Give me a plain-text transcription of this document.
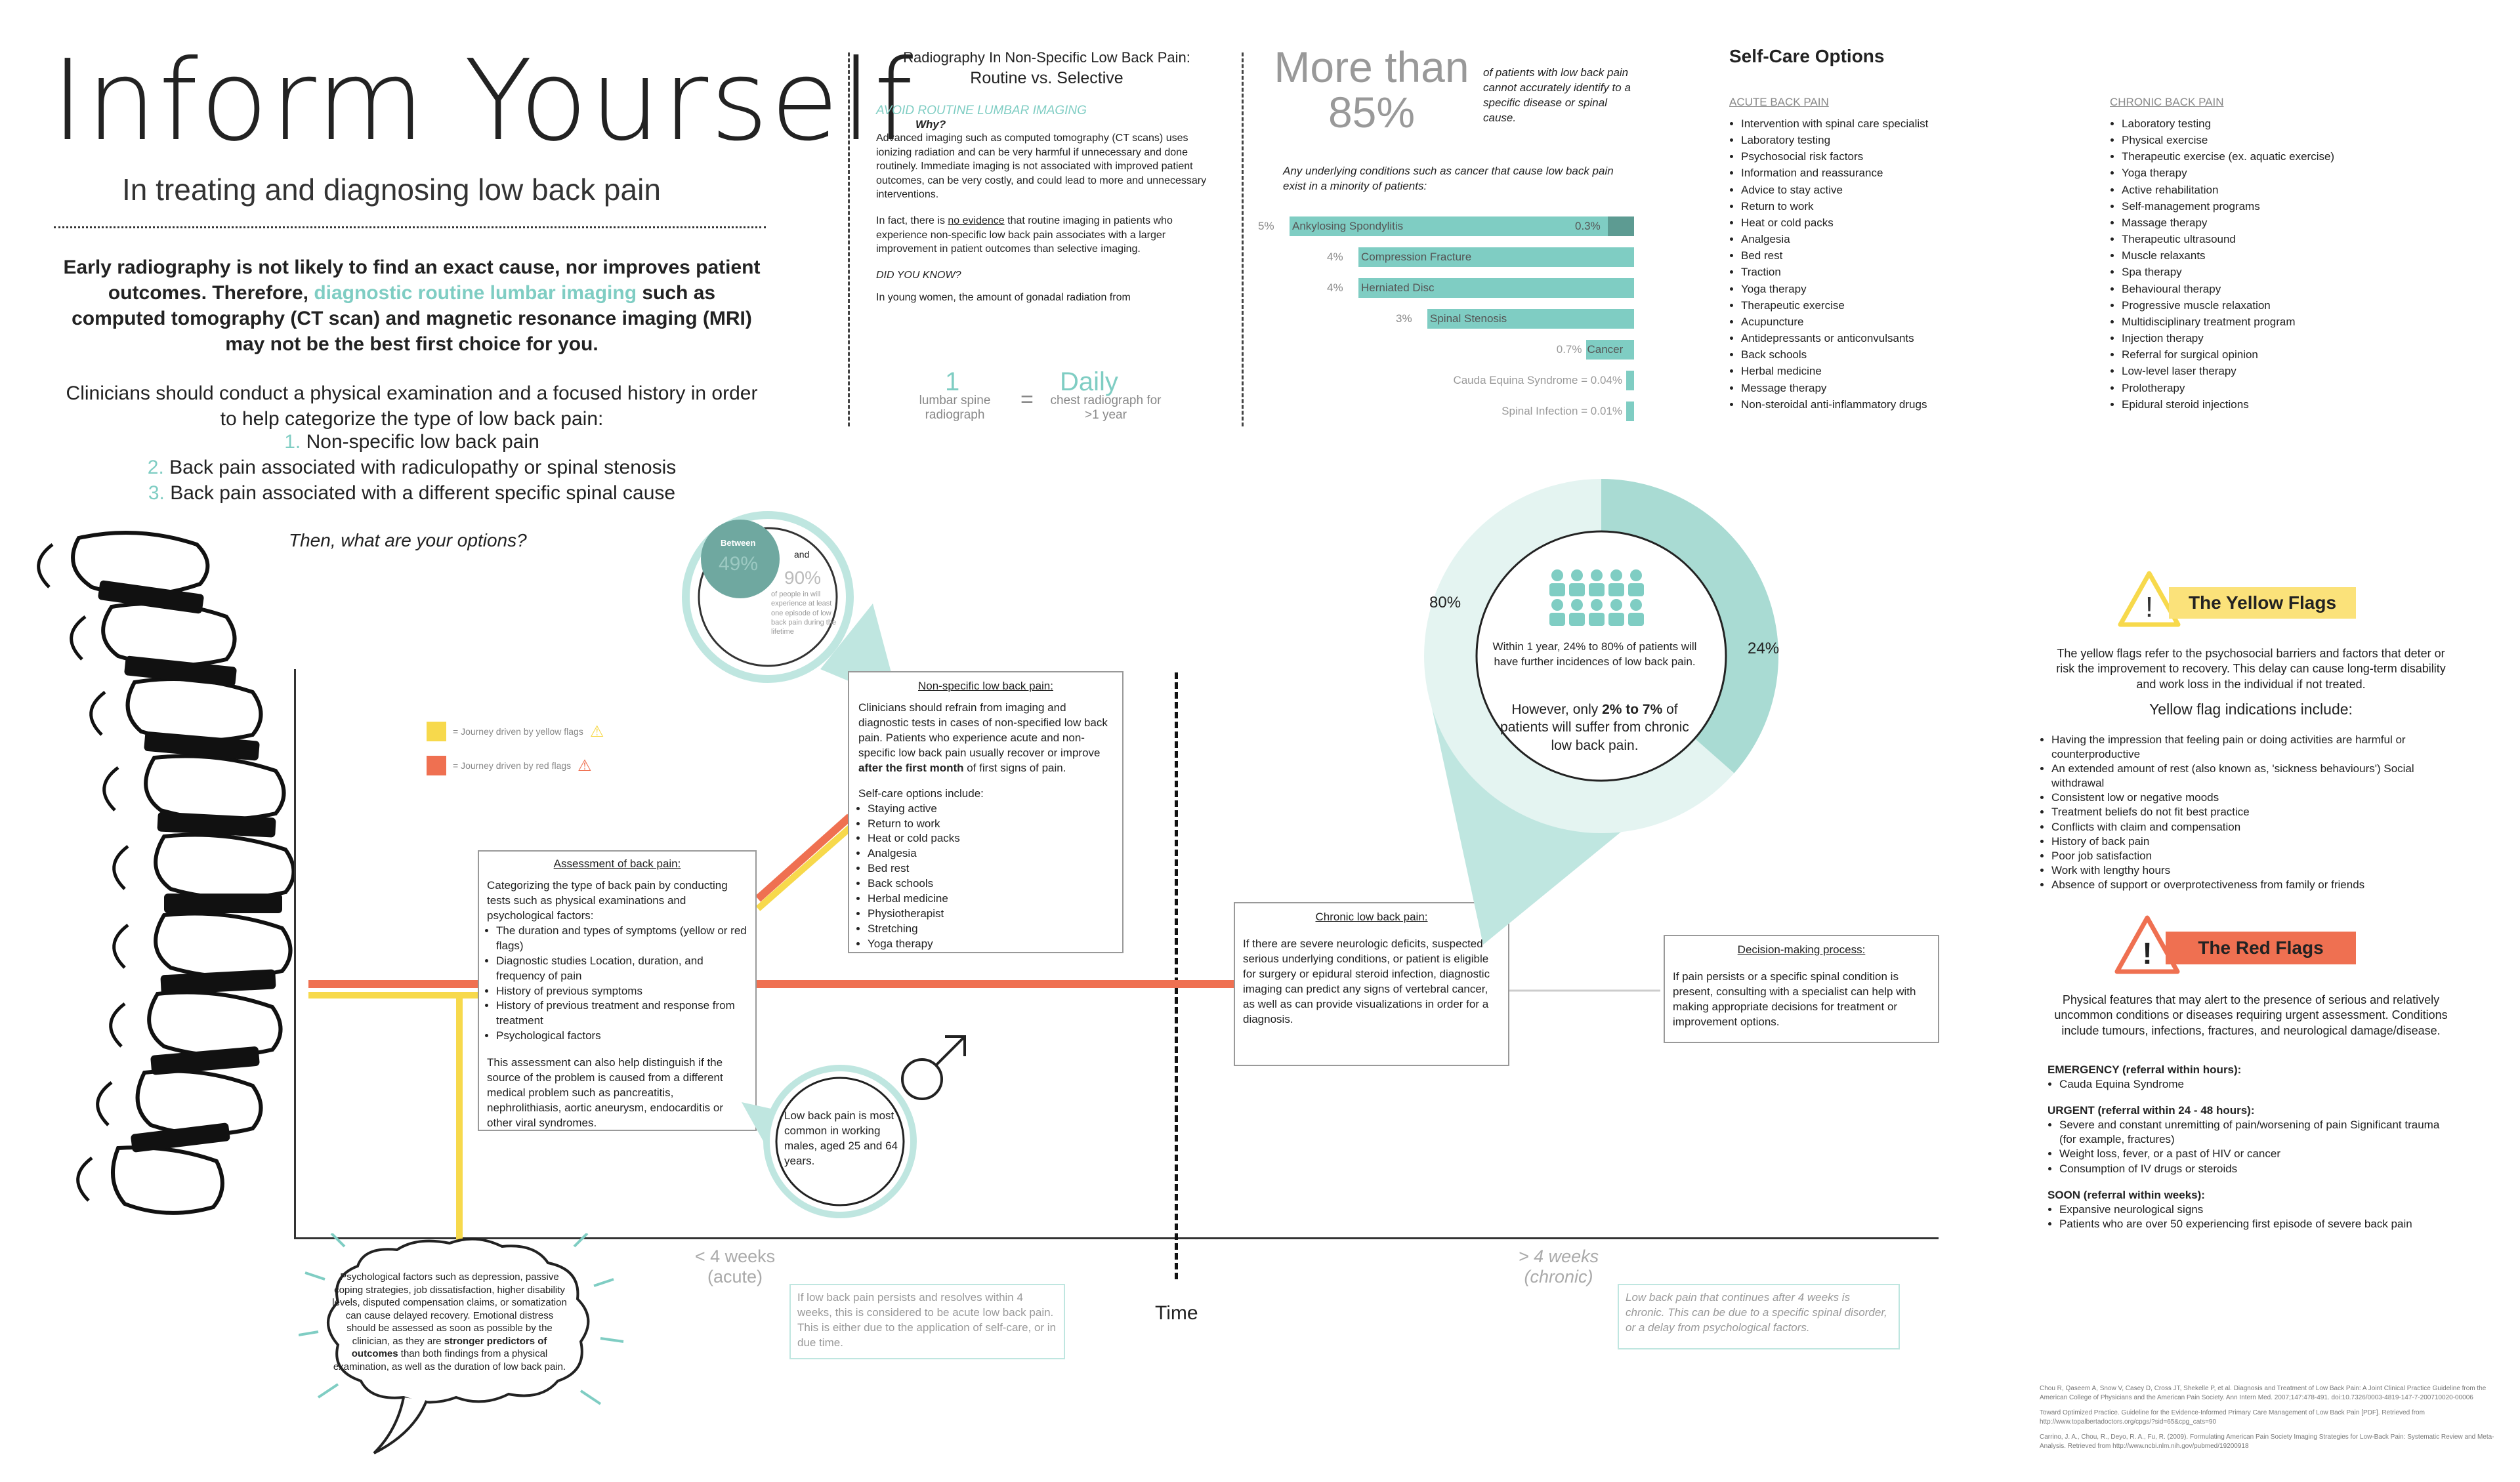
Inform Yourself
In treating and diagnosing low back pain
Early radiography is not likely to find an exact cause, nor improves patient outcomes. Therefore, diagnostic routine lumbar imaging such as computed tomography (CT scan) and magnetic resonance imaging (MRI) may not be the best first choice for you.
Clinicians should conduct a physical examination and a focused history in order to help categorize the type of low back pain:
1. Non-specific low back pain
2. Back pain associated with radiculopathy or spinal stenosis
3. Back pain associated with a different specific spinal cause
Then, what are your options?
Radiography In Non-Specific Low Back Pain:
Routine vs. Selective
AVOID ROUTINE LUMBAR IMAGING
Why?
Advanced imaging such as computed tomography (CT scans) uses ionizing radiation and can be very harmful if unnecessary and done routinely. Immediate imaging is not associated with improved patient outcomes, can be very costly, and could lead to more and unnecessary interventions.
In fact, there is no evidence that routine imaging in patients who experience non-specific low back pain associates with a larger improvement in patient outcomes than selective imaging.
DID YOU KNOW?
In young women, the amount of gonadal radiation from
1
lumbar spine radiograph
=
Daily
chest radiograph for >1 year
More than
85%
of patients with low back pain cannot accurately identify to a specific disease or spinal cause.
Any underlying conditions such as cancer that cause low back pain exist in a minority of patients:
5% Ankylosing Spondylitis	0.3%
4% Compression Fracture
4% Herniated Disc
3% Spinal Stenosis
0.7% Cancer
Cauda Equina Syndrome = 0.04%
Spinal Infection = 0.01%
Self-Care Options
ACUTE BACK PAIN
• Intervention with spinal care specialist
• Laboratory testing
• Psychosocial risk factors
• Information and reassurance
• Advice to stay active
• Return to work
• Heat or cold packs
• Analgesia
• Bed rest
• Traction
• Yoga therapy
• Therapeutic exercise
• Acupuncture
• Antidepressants or anticonvulsants
• Back schools
• Herbal medicine
• Message therapy
• Non-steroidal anti-inflammatory drugs
CHRONIC BACK PAIN
• Laboratory testing
• Physical exercise
• Therapeutic exercise (ex. aquatic exercise)
• Yoga therapy
• Active rehabilitation
• Self-management programs
• Massage therapy
• Therapeutic ultrasound
• Muscle relaxants
• Spa therapy
• Behavioural therapy
• Progressive muscle relaxation
• Multidisciplinary treatment program
• Injection therapy
• Referral for surgical opinion
• Low-level laser therapy
• Prolotherapy
• Epidural steroid injections
Time
< 4 weeks
(acute)
> 4 weeks
(chronic)
= Journey driven by yellow flags ⚠
= Journey driven by red flags ⚠
Between
49%	and
90%
of people in will experience at least one episode of low back pain during the lifetime
Non-specific low back pain:
Clinicians should refrain from imaging and diagnostic tests in cases of non-specified low back pain. Patients who experience acute and non-specific low back pain usually recover or improve after the first month of first signs of pain.
Self-care options include:
• Staying active
• Return to work
• Heat or cold packs
• Analgesia
• Bed rest
• Back schools
• Herbal medicine
• Physiotherapist
• Stretching
• Yoga therapy
Assessment of back pain:
Categorizing the type of back pain by conducting tests such as physical examinations and psychological factors:
• The duration and types of symptoms (yellow or red flags)
• Diagnostic studies Location, duration, and frequency of pain
• History of previous symptoms
• History of previous treatment and response from treatment
• Psychological factors
This assessment can also help distinguish if the source of the problem is caused from a different medical problem such as pancreatitis, nephrolithiasis, aortic aneurysm, endocarditis or other viral syndromes.
Low back pain is most common in working males, aged 25 and 64 years.
Psychological factors such as depression, passive coping strategies, job dissatisfaction, higher disability levels, disputed compensation claims, or somatization can cause delayed recovery. Emotional distress should be assessed as soon as possible by the clinician, as they are stronger predictors of outcomes than both findings from a physical examination, as well as the duration of low back pain.
If low back pain persists and resolves within 4 weeks, this is considered to be acute low back pain. This is either due to the application of self-care, or in due time.
Low back pain that continues after 4 weeks is chronic. This can be due to a specific spinal disorder, or a delay from psychological factors.
Chronic low back pain:
If there are severe neurologic deficits, suspected serious underlying conditions, or patient is eligible for surgery or epidural steroid infection, diagnostic imaging can predict any signs of vertebral cancer, as well as can provide visualizations in order for a diagnosis.
Decision-making process:
If pain persists or a specific spinal condition is present, consulting with a specialist can help with making appropriate decisions for treatment or improvement options.
80%
24%
Within 1 year, 24% to 80% of patients will have further incidences of low back pain.
However, only 2% to 7% of patients will suffer from chronic low back pain.
!	The Yellow Flags
The yellow flags refer to the psychosocial barriers and factors that deter or risk the improvement to recovery. This delay can cause long-term disability and work loss in the individual if not treated.
Yellow flag indications include:
• Having the impression that feeling pain or doing activities are harmful or counterproductive
• An extended amount of rest (also known as, 'sickness behaviours') Social withdrawal
• Consistent low or negative moods
• Treatment beliefs do not fit best practice
• Conflicts with claim and compensation
• History of back pain
• Poor job satisfaction
• Work with lengthy hours
• Absence of support or overprotectiveness from family or friends
!	The Red Flags
Physical features that may alert to the presence of serious and relatively uncommon conditions or diseases requiring urgent assessment. Conditions include tumours, infections, fractures, and neurological damage/disease.
EMERGENCY (referral within hours):
• Cauda Equina Syndrome
URGENT (referral within 24 - 48 hours):
• Severe and constant unremitting of pain/worsening of pain Significant trauma (for example, fractures)
• Weight loss, fever, or a past of HIV or cancer
• Consumption of IV drugs or steroids
SOON (referral within weeks):
• Expansive neurological signs
• Patients who are over 50 experiencing first episode of severe back pain
Chou R, Qaseem A, Snow V, Casey D, Cross JT, Shekelle P, et al. Diagnosis and Treatment of Low Back Pain: A Joint Clinical Practice Guideline from the American College of Physicians and the American Pain Society. Ann Intern Med. 2007;147:478-491. doi:10.7326/0003-4819-147-7-200710020-00006
Toward Optimized Practice. Guideline for the Evidence-Informed Primary Care Management of Low Back Pain [PDF]. Retrieved from http://www.topalbertadoctors.org/cpgs/?sid=65&cpg_cats=90
Carrino, J. A., Chou, R., Deyo, R. A., Fu, R. (2009). Formulating American Pain Society Imaging Strategies for Low-Back Pain: Systematic Review and Meta-Analysis. Retrieved from http://www.ncbi.nlm.nih.gov/pubmed/19200918
